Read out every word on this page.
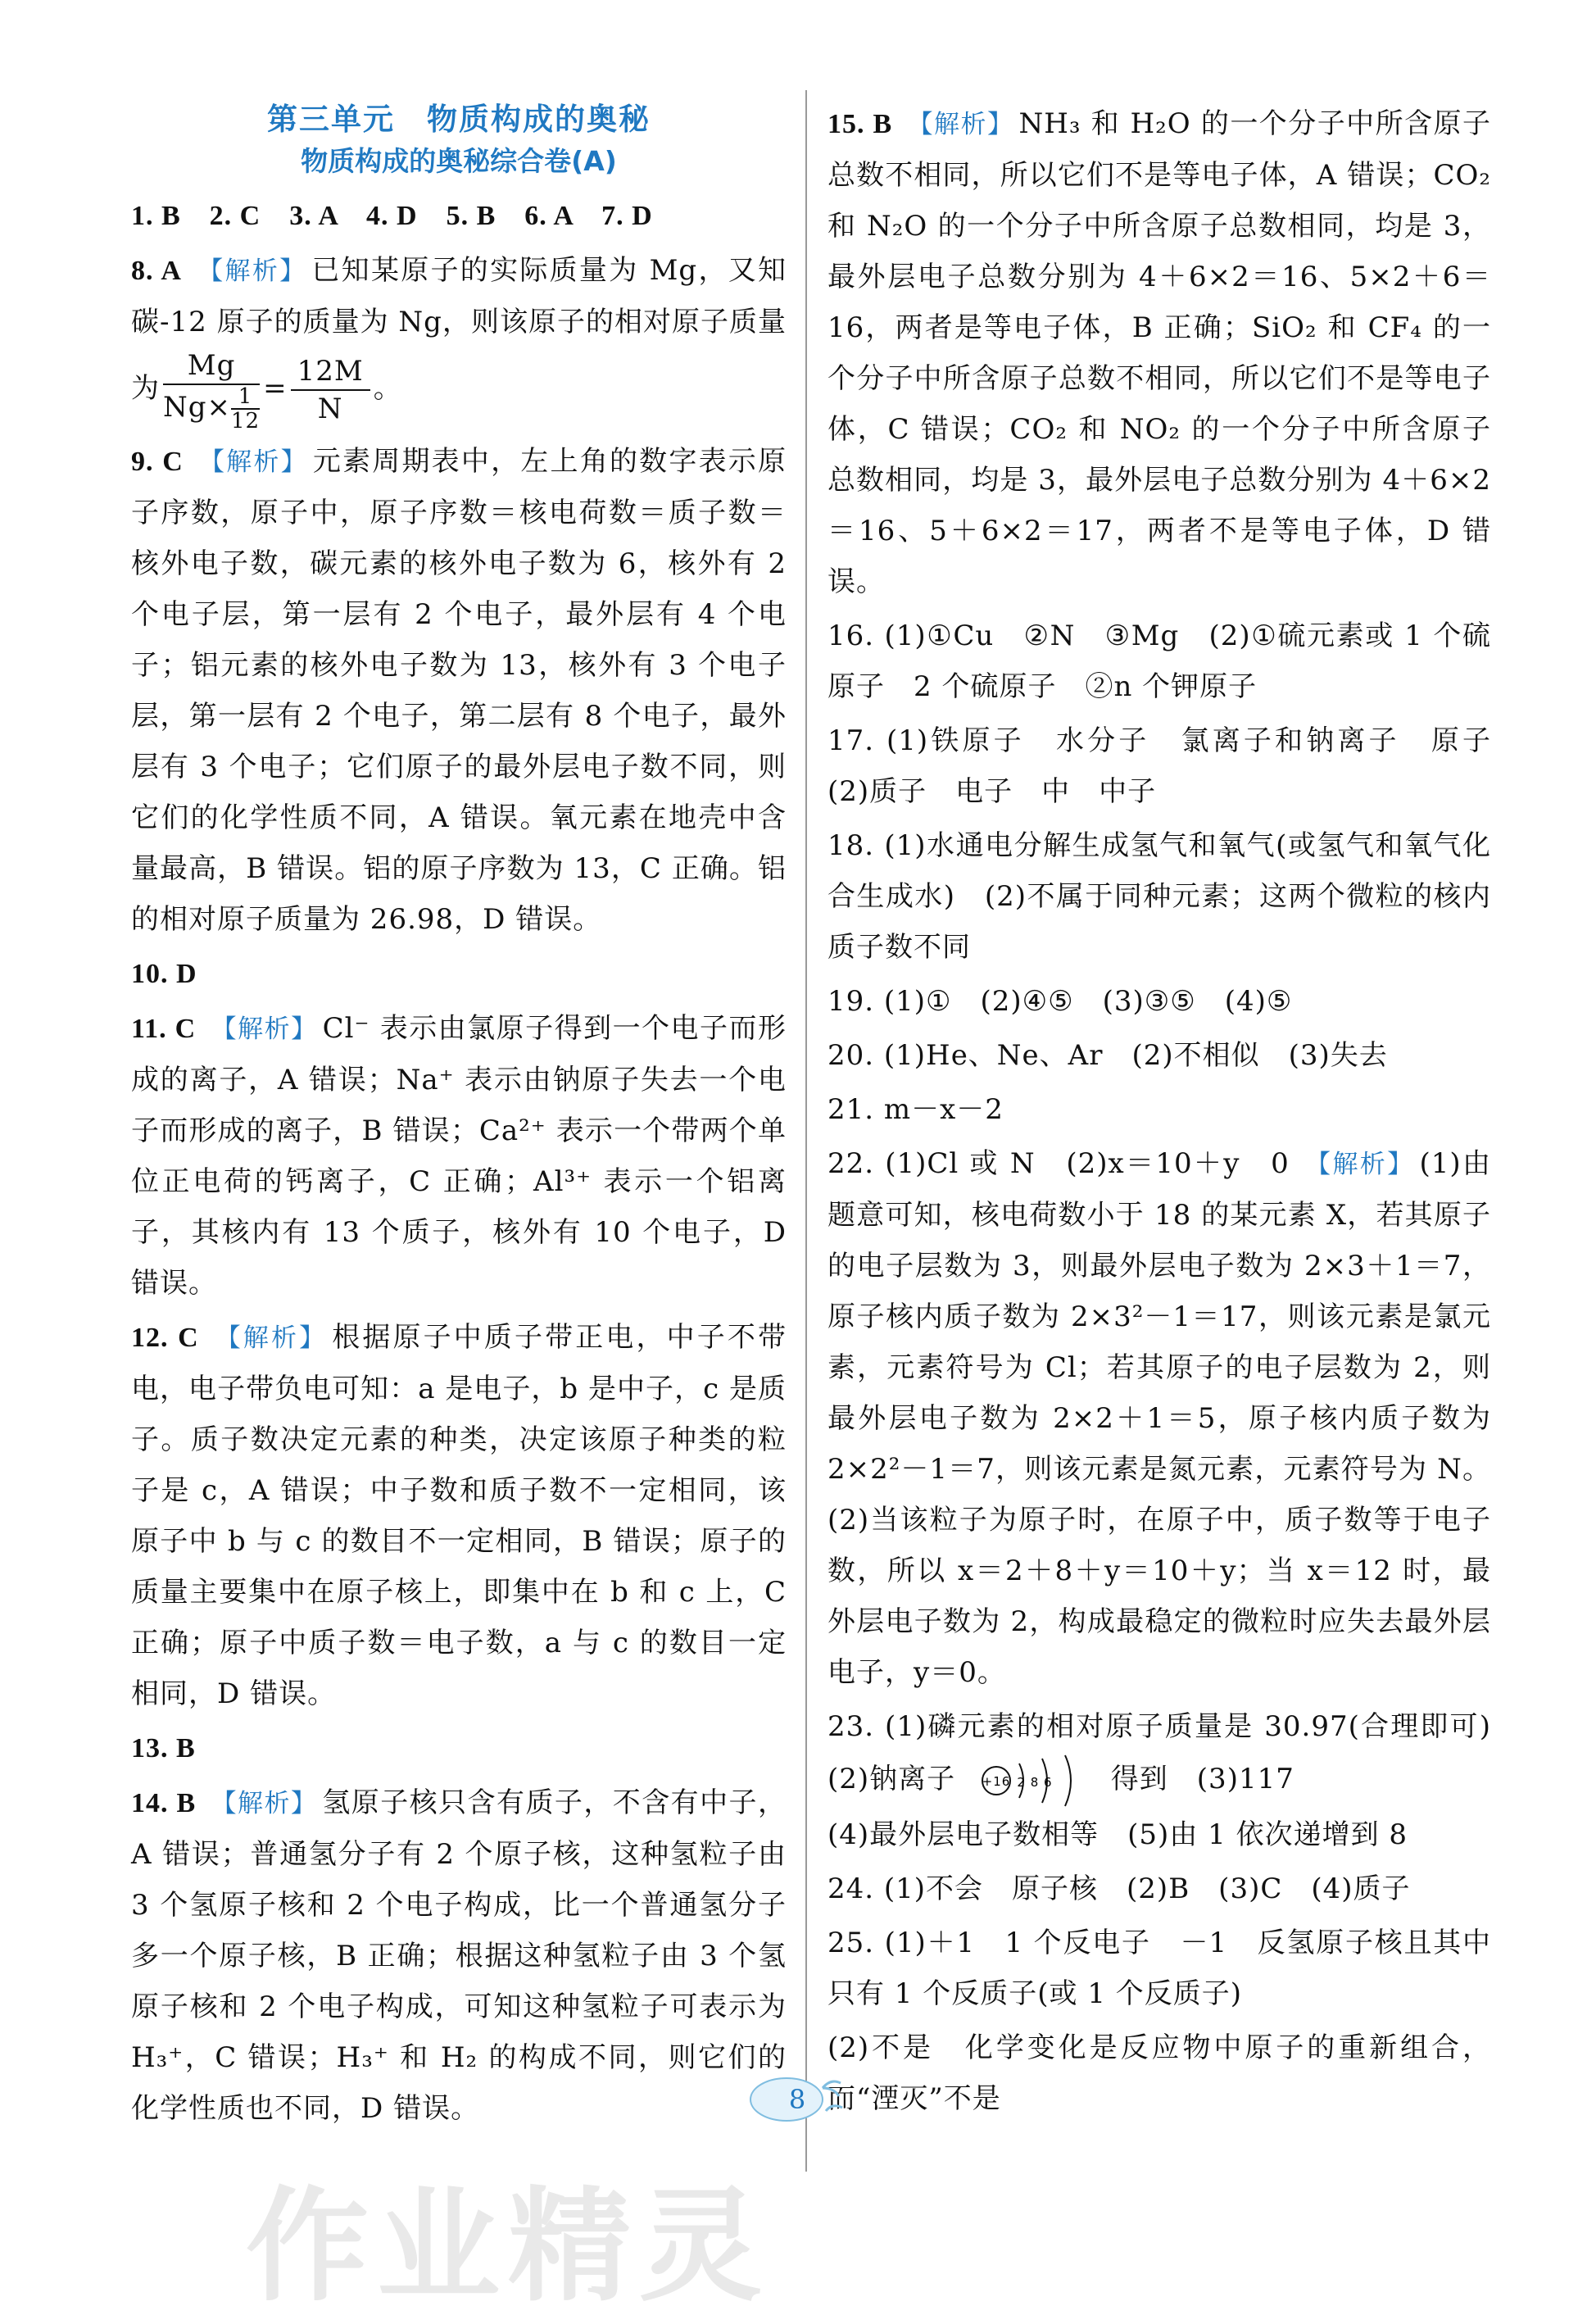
第三单元　物质构成的奥秘
物质构成的奥秘综合卷(A)

1. B　2. C　3. A　4. D　5. B　6. A　7. D

8. A 【解析】 已知某原子的实际质量为 Mg，又知碳-12 原子的质量为 Ng，则该原子的相对原子质量为 $\frac{Mg}{Ng\times \frac{1}{12}} = \frac{12M}{N}$ 。

9. C 【解析】 元素周期表中，左上角的数字表示原子序数，原子中，原子序数＝核电荷数＝质子数＝核外电子数，碳元素的核外电子数为 6，核外有 2 个电子层，第一层有 2 个电子，最外层有 4 个电子；铝元素的核外电子数为 13，核外有 3 个电子层，第一层有 2 个电子，第二层有 8 个电子，最外层有 3 个电子；它们原子的最外层电子数不同，则它们的化学性质不同，A 错误。氧元素在地壳中含量最高，B 错误。铝的原子序数为 13，C 正确。铝的相对原子质量为 26.98，D 错误。

10. D

11. C 【解析】 Cl⁻ 表示由氯原子得到一个电子而形成的离子，A 错误；Na⁺ 表示由钠原子失去一个电子而形成的离子，B 错误；Ca²⁺ 表示一个带两个单位正电荷的钙离子，C 正确；Al³⁺ 表示一个铝离子，其核内有 13 个质子，核外有 10 个电子，D 错误。

12. C 【解析】 根据原子中质子带正电，中子不带电，电子带负电可知：a 是电子，b 是中子，c 是质子。质子数决定元素的种类，决定该原子种类的粒子是 c，A 错误；中子数和质子数不一定相同，该原子中 b 与 c 的数目不一定相同，B 错误；原子的质量主要集中在原子核上，即集中在 b 和 c 上，C 正确；原子中质子数＝电子数，a 与 c 的数目一定相同，D 错误。

13. B

14. B 【解析】 氢原子核只含有质子，不含有中子，A 错误；普通氢分子有 2 个原子核，这种氢粒子由 3 个氢原子核和 2 个电子构成，比一个普通氢分子多一个原子核，B 正确；根据这种氢粒子由 3 个氢原子核和 2 个电子构成，可知这种氢粒子可表示为 H₃⁺，C 错误；H₃⁺ 和 H₂ 的构成不同，则它们的化学性质也不同，D 错误。

15. B 【解析】 NH₃ 和 H₂O 的一个分子中所含原子总数不相同，所以它们不是等电子体，A 错误；CO₂ 和 N₂O 的一个分子中所含原子总数相同，均是 3，最外层电子总数分别为 4＋6×2＝16、5×2＋6＝16，两者是等电子体，B 正确；SiO₂ 和 CF₄ 的一个分子中所含原子总数不相同，所以它们不是等电子体，C 错误；CO₂ 和 NO₂ 的一个分子中所含原子总数相同，均是 3，最外层电子总数分别为 4＋6×2＝16、5＋6×2＝17，两者不是等电子体，D 错误。

16. (1)①Cu　②N　③Mg　(2)①硫元素或 1 个硫原子　2 个硫原子　②n 个钾原子

17. (1)铁原子　水分子　氯离子和钠离子　原子　(2)质子　电子　中　中子

18. (1)水通电分解生成氢气和氧气(或氢气和氧气化合生成水)　(2)不属于同种元素；这两个微粒的核内质子数不同

19. (1)①　(2)④⑤　(3)③⑤　(4)⑤

20. (1)He、Ne、Ar　(2)不相似　(3)失去

21. m－x－2

22. (1)Cl 或 N　(2)x＝10＋y　0 【解析】 (1)由题意可知，核电荷数小于 18 的某元素 X，若其原子的电子层数为 3，则最外层电子数为 2×3＋1＝7，原子核内质子数为 2×3²－1＝17，则该元素是氯元素，元素符号为 Cl；若其原子的电子层数为 2，则最外层电子数为 2×2＋1＝5，原子核内质子数为 2×2²－1＝7，则该元素是氮元素，元素符号为 N。(2)当该粒子为原子时，在原子中，质子数等于电子数，所以 x＝2＋8＋y＝10＋y；当 x＝12 时，最外层电子数为 2，构成最稳定的微粒时应失去最外层电子，y＝0。

23. (1)磷元素的相对原子质量是 30.97(合理即可)　(2)钠离子 +16 2 8 6 得到　(3)117
(4)最外层电子数相等　(5)由 1 依次递增到 8

24. (1)不会　原子核　(2)B　(3)C　(4)质子

25. (1)＋1　1 个反电子　－1　反氢原子核且其中只有 1 个反质子(或 1 个反质子)

(2)不是　化学变化是反应物中原子的重新组合，而“湮灭”不是

8
作业精灵
